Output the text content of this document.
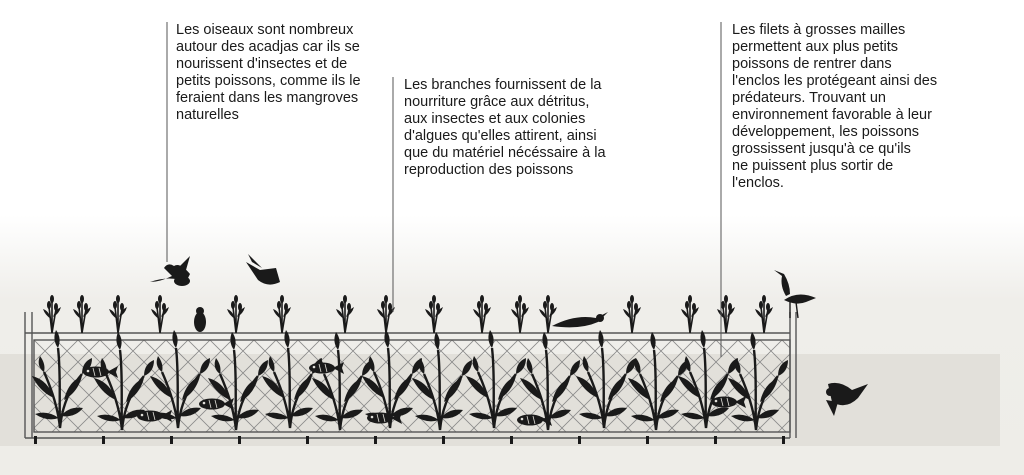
Les oiseaux sont nombreux
autour des acadjas car ils se
nourissent d'insectes et de
petits poissons, comme ils le
feraient dans les mangroves
naturelles
Les branches fournissent de la
nourriture grâce aux détritus,
aux insectes et aux colonies
d'algues qu'elles attirent, ainsi
que du matériel nécéssaire à la
reproduction des poissons
Les filets à grosses mailles
permettent aux plus petits
poissons de rentrer dans
l'enclos les protégeant ainsi des
prédateurs. Trouvant un
environnement favorable à leur
développement, les poissons
grossissent jusqu'à ce qu'ils
ne puissent plus sortir de
l'enclos.
